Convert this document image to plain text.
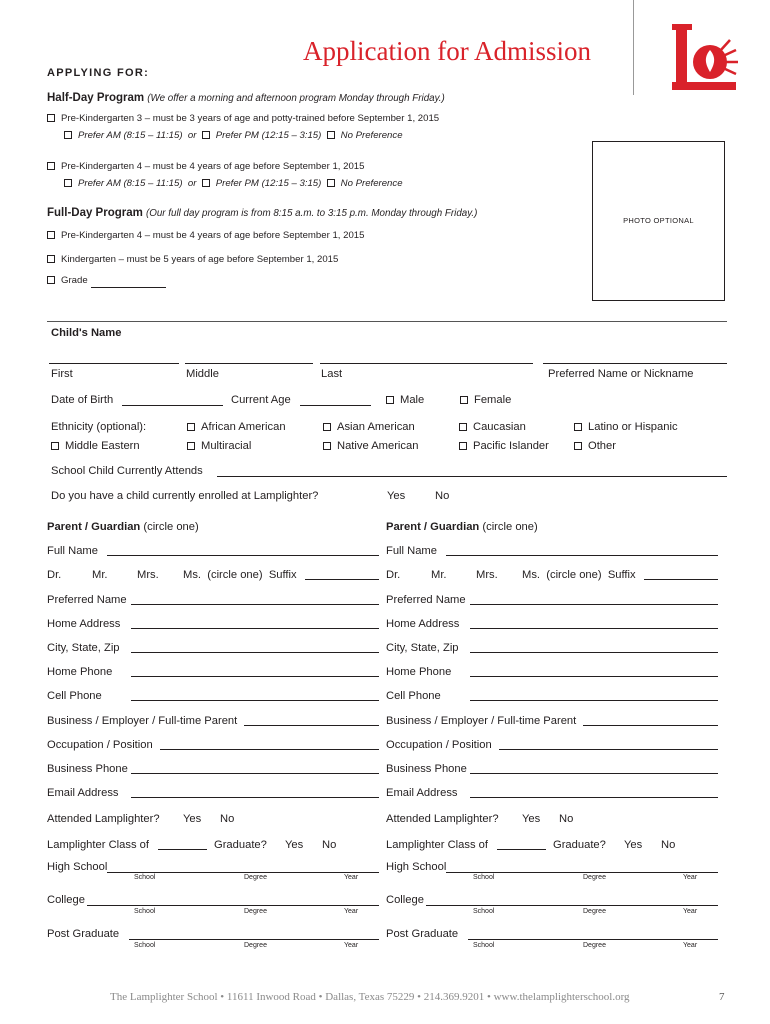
Application for Admission
APPLYING FOR:
Half-Day Program (We offer a morning and afternoon program Monday through Friday.)
Pre-Kindergarten 3 – must be 3 years of age and potty-trained before September 1, 2015
Prefer AM (8:15 – 11:15) or Prefer PM (12:15 – 3:15) No Preference
Pre-Kindergarten 4 – must be 4 years of age before September 1, 2015
Prefer AM (8:15 – 11:15) or Prefer PM (12:15 – 3:15) No Preference
Full-Day Program (Our full day program is from 8:15 a.m. to 3:15 p.m. Monday through Friday.)
Pre-Kindergarten 4 – must be 4 years of age before September 1, 2015
Kindergarten – must be 5 years of age before September 1, 2015
Grade
PHOTO OPTIONAL
Child's Name
First	Middle	Last	Preferred Name or Nickname
Date of Birth	Current Age	Male	Female
Ethnicity (optional):	African American	Asian American	Caucasian	Latino or Hispanic
Middle Eastern	Multiracial	Native American	Pacific Islander	Other
School Child Currently Attends
Do you have a child currently enrolled at Lamplighter?	Yes	No
Parent / Guardian (circle one)
Full Name
Dr.	Mr.	Mrs. Ms. (circle one) Suffix
Preferred Name
Home Address
City, State, Zip
Home Phone
Cell Phone
Business / Employer / Full-time Parent
Occupation / Position
Business Phone
Email Address
Attended Lamplighter? Yes No
Lamplighter Class of	Graduate? Yes No
High School
School	Degree	Year
College
School	Degree	Year
Post Graduate
School	Degree	Year
Parent / Guardian (circle one)
Full Name
Dr.	Mr.	Mrs. Ms. (circle one) Suffix
Preferred Name
Home Address
City, State, Zip
Home Phone
Cell Phone
Business / Employer / Full-time Parent
Occupation / Position
Business Phone
Email Address
Attended Lamplighter? Yes No
Lamplighter Class of	Graduate? Yes No
High School
School	Degree	Year
College
School	Degree	Year
Post Graduate
School	Degree	Year
The Lamplighter School • 11611 Inwood Road • Dallas, Texas 75229 • 214.369.9201 • www.thelamplighterschool.org	7
